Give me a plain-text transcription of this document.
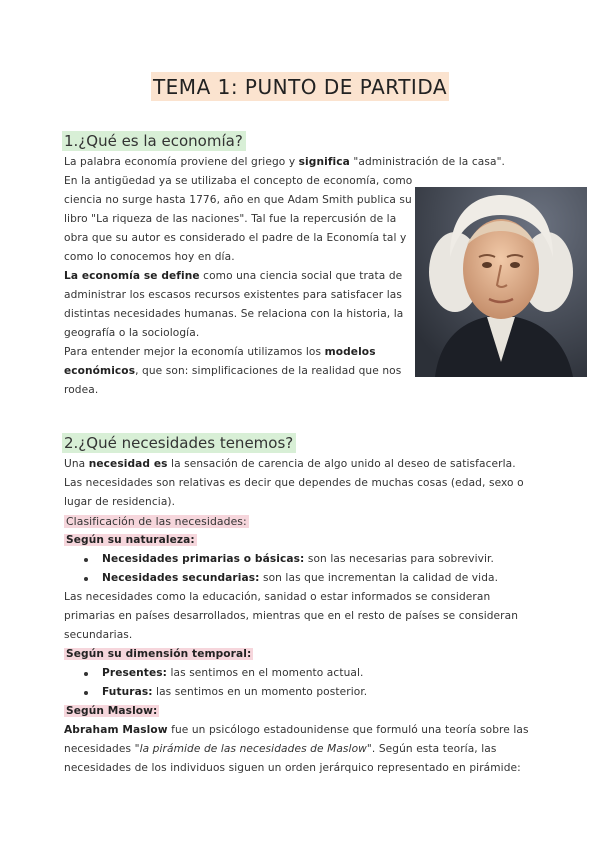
TEMA 1: PUNTO DE PARTIDA
1.¿Qué es la economía?
La palabra economía proviene del griego y significa "administración de la casa".
En la antigüedad ya se utilizaba el concepto de economía, como
ciencia no surge hasta 1776, año en que Adam Smith publica su
libro "La riqueza de las naciones". Tal fue la repercusión de la
obra que su autor es considerado el padre de la Economía tal y
como lo conocemos hoy en día.
La economía se define como una ciencia social que trata de
administrar los escasos recursos existentes para satisfacer las
distintas necesidades humanas. Se relaciona con la historia, la
geografía o la sociología.
Para entender mejor la economía utilizamos los modelos
económicos, que son: simplificaciones de la realidad que nos
rodea.
2.¿Qué necesidades tenemos?
Una necesidad es la sensación de carencia de algo unido al deseo de satisfacerla.
Las necesidades son relativas es decir que dependes de muchas cosas (edad, sexo o
lugar de residencia).
Clasificación de las necesidades:
Según su naturaleza:
Necesidades primarias o básicas: son las necesarias para sobrevivir.
Necesidades secundarias: son las que incrementan la calidad de vida.
Las necesidades como la educación, sanidad o estar informados se consideran
primarias en países desarrollados, mientras que en el resto de países se consideran
secundarias.
Según su dimensión temporal:
Presentes: las sentimos en el momento actual.
Futuras: las sentimos en un momento posterior.
Según Maslow:
Abraham Maslow fue un psicólogo estadounidense que formuló una teoría sobre las
necesidades "la pirámide de las necesidades de Maslow". Según esta teoría, las
necesidades de los individuos siguen un orden jerárquico representado en pirámide:
